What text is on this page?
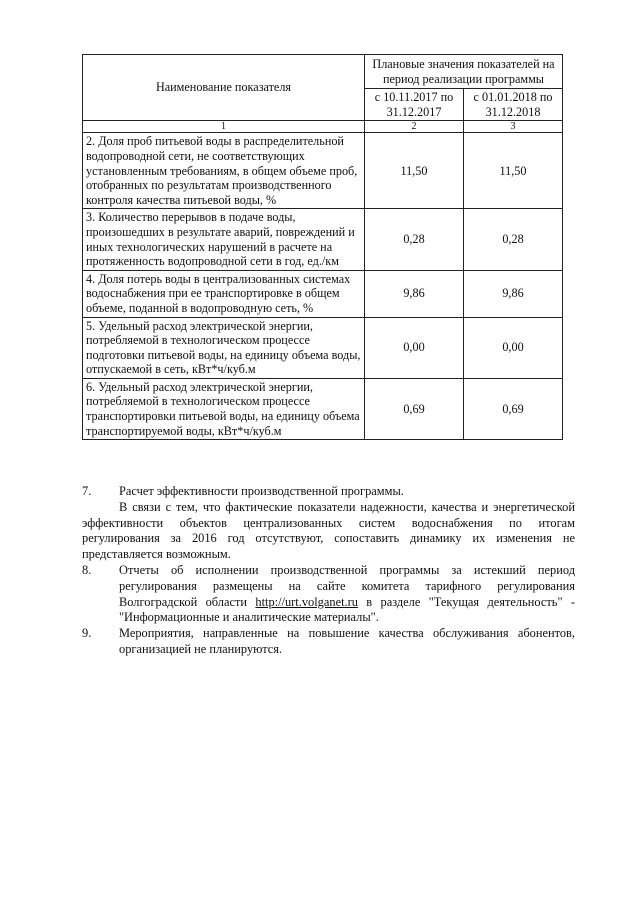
Наименование показателя	Плановые значения показателей на период реализации программы	
	с 10.11.2017 по 31.12.2017	с 01.01.2018 по 31.12.2018
1	2	3
2. Доля проб питьевой воды в распределительной водопроводной сети, не соответствующих установленным требованиям, в общем объеме проб, отобранных по результатам производственного контроля качества питьевой воды, %	11,50	11,50
3. Количество перерывов в подаче воды, произошедших в результате аварий, повреждений и иных технологических нарушений в расчете на протяженность водопроводной сети в год, ед./км	0,28	0,28
4. Доля потерь воды в централизованных системах водоснабжения при ее транспортировке в общем объеме, поданной в водопроводную сеть, %	9,86	9,86
5. Удельный расход электрической энергии, потребляемой в технологическом процессе подготовки питьевой воды, на единицу объема воды, отпускаемой в сеть, кВт*ч/куб.м	0,00	0,00
6. Удельный расход электрической энергии, потребляемой в технологическом процессе транспортировки питьевой воды, на единицу объема транспортируемой воды, кВт*ч/куб.м	0,69	0,69
7.	Расчет эффективности производственной программы.

В связи с тем, что фактические показатели надежности, качества и энергетической эффективности объектов централизованных систем водоснабжения по итогам регулирования за 2016 год отсутствуют, сопоставить динамику их изменения не представляется возможным.

8.	Отчеты об исполнении производственной программы за истекший период регулирования размещены на сайте комитета тарифного регулирования Волгоградской области http://urt.volganet.ru в разделе "Текущая деятельность" - "Информационные и аналитические материалы".
9.	Мероприятия, направленные на повышение качества обслуживания абонентов, организацией не планируются.
